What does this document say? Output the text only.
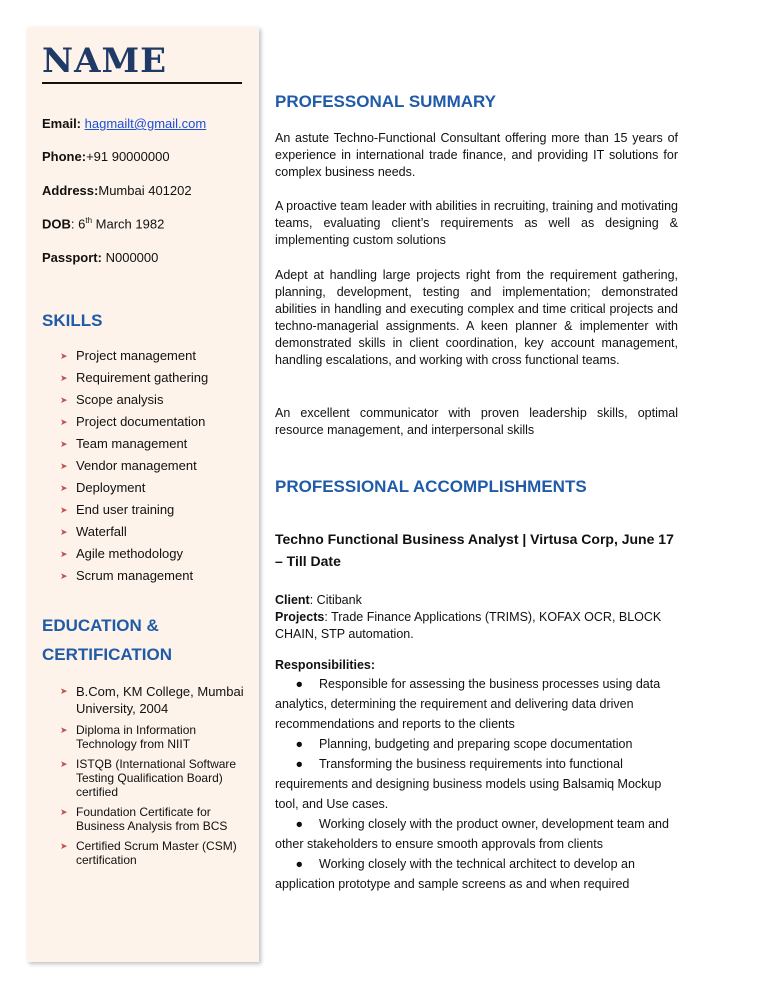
NAME
Email: hagmailt@gmail.com
Phone:+91 90000000
Address:Mumbai 401202
DOB: 6th March 1982
Passport: N000000
SKILLS
➤ Project management
➤ Requirement gathering
➤ Scope analysis
➤ Project documentation
➤ Team management
➤ Vendor management
➤ Deployment
➤ End user training
➤ Waterfall
➤ Agile methodology
➤ Scrum management
EDUCATION &
CERTIFICATION
➤ B.Com, KM College, Mumbai University, 2004
➤ Diploma in Information Technology from NIIT
➤ ISTQB (International Software Testing Qualification Board) certified
➤ Foundation Certificate for Business Analysis from BCS
➤ Certified Scrum Master (CSM) certification
PROFESSONAL SUMMARY

An astute Techno-Functional Consultant offering more than 15 years of experience in international trade finance, and providing IT solutions for complex business needs.

A proactive team leader with abilities in recruiting, training and motivating teams, evaluating client’s requirements as well as designing & implementing custom solutions

Adept at handling large projects right from the requirement gathering, planning, development, testing and implementation; demonstrated abilities in handling and executing complex and time critical projects and techno-managerial assignments. A keen planner & implementer with demonstrated skills in client coordination, key account management, handling escalations, and working with cross functional teams.

An excellent communicator with proven leadership skills, optimal resource management, and interpersonal skills

PROFESSIONAL ACCOMPLISHMENTS

Techno Functional Business Analyst | Virtusa Corp, June 17 – Till Date

Client: Citibank

Projects: Trade Finance Applications (TRIMS), KOFAX OCR, BLOCK CHAIN, STP automation.

Responsibilities:

●    Responsible for assessing the business processes using data analytics, determining the requirement and delivering data driven recommendations and reports to the clients

●    Planning, budgeting and preparing scope documentation

●    Transforming the business requirements into functional requirements and designing business models using Balsamiq Mockup tool, and Use cases.

●    Working closely with the product owner, development team and other stakeholders to ensure smooth approvals from clients

●    Working closely with the technical architect to develop an application prototype and sample screens as and when required
